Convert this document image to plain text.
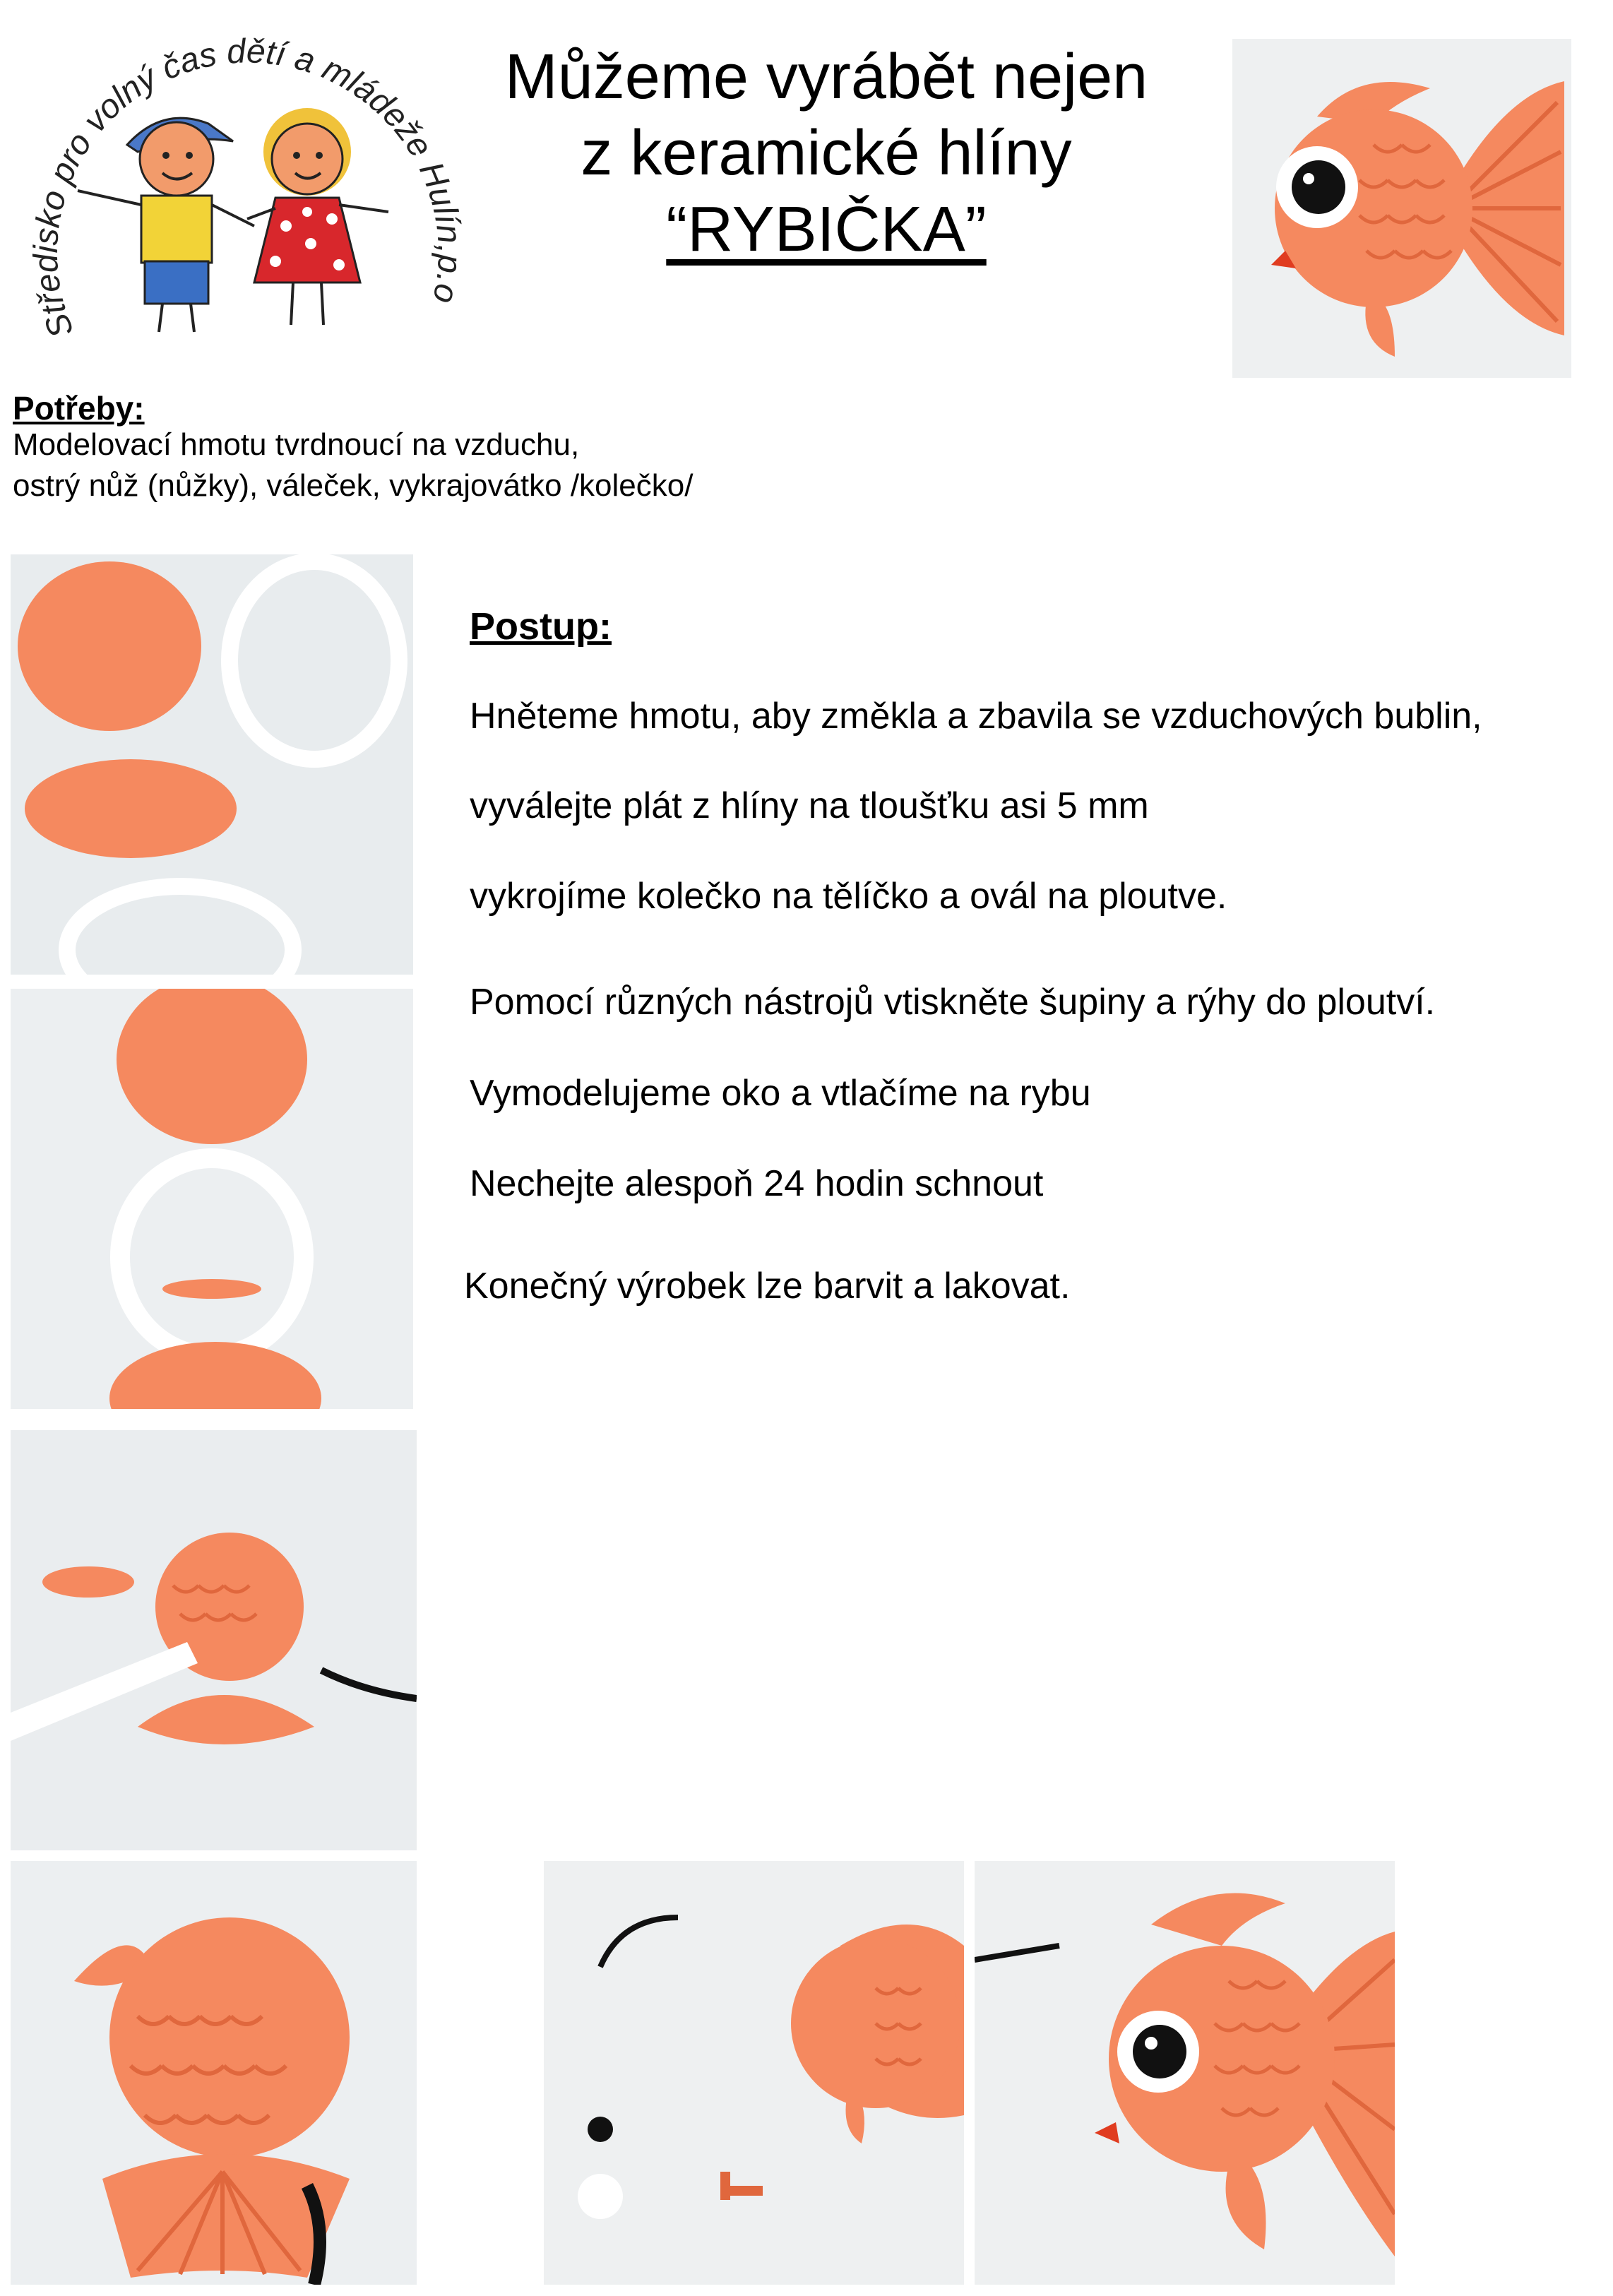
Středisko pro volný čas dětí a mládeže Hulín,p.o
Můžeme vyrábět nejen
z keramické hlíny
“RYBIČKA”
Potřeby:
Modelovací hmotu tvrdnoucí na vzduchu,
ostrý nůž (nůžky), váleček, vykrajovátko /kolečko/
Postup:
Hněteme hmotu, aby změkla a zbavila se vzduchových bublin,
vyválejte plát z hlíny na tloušťku asi 5 mm
vykrojíme kolečko na tělíčko a ovál na ploutve.
Pomocí různých nástrojů vtiskněte šupiny a rýhy do ploutví.
Vymodelujeme oko a vtlačíme na rybu
Nechejte alespoň 24 hodin schnout
Konečný výrobek lze barvit a lakovat.
